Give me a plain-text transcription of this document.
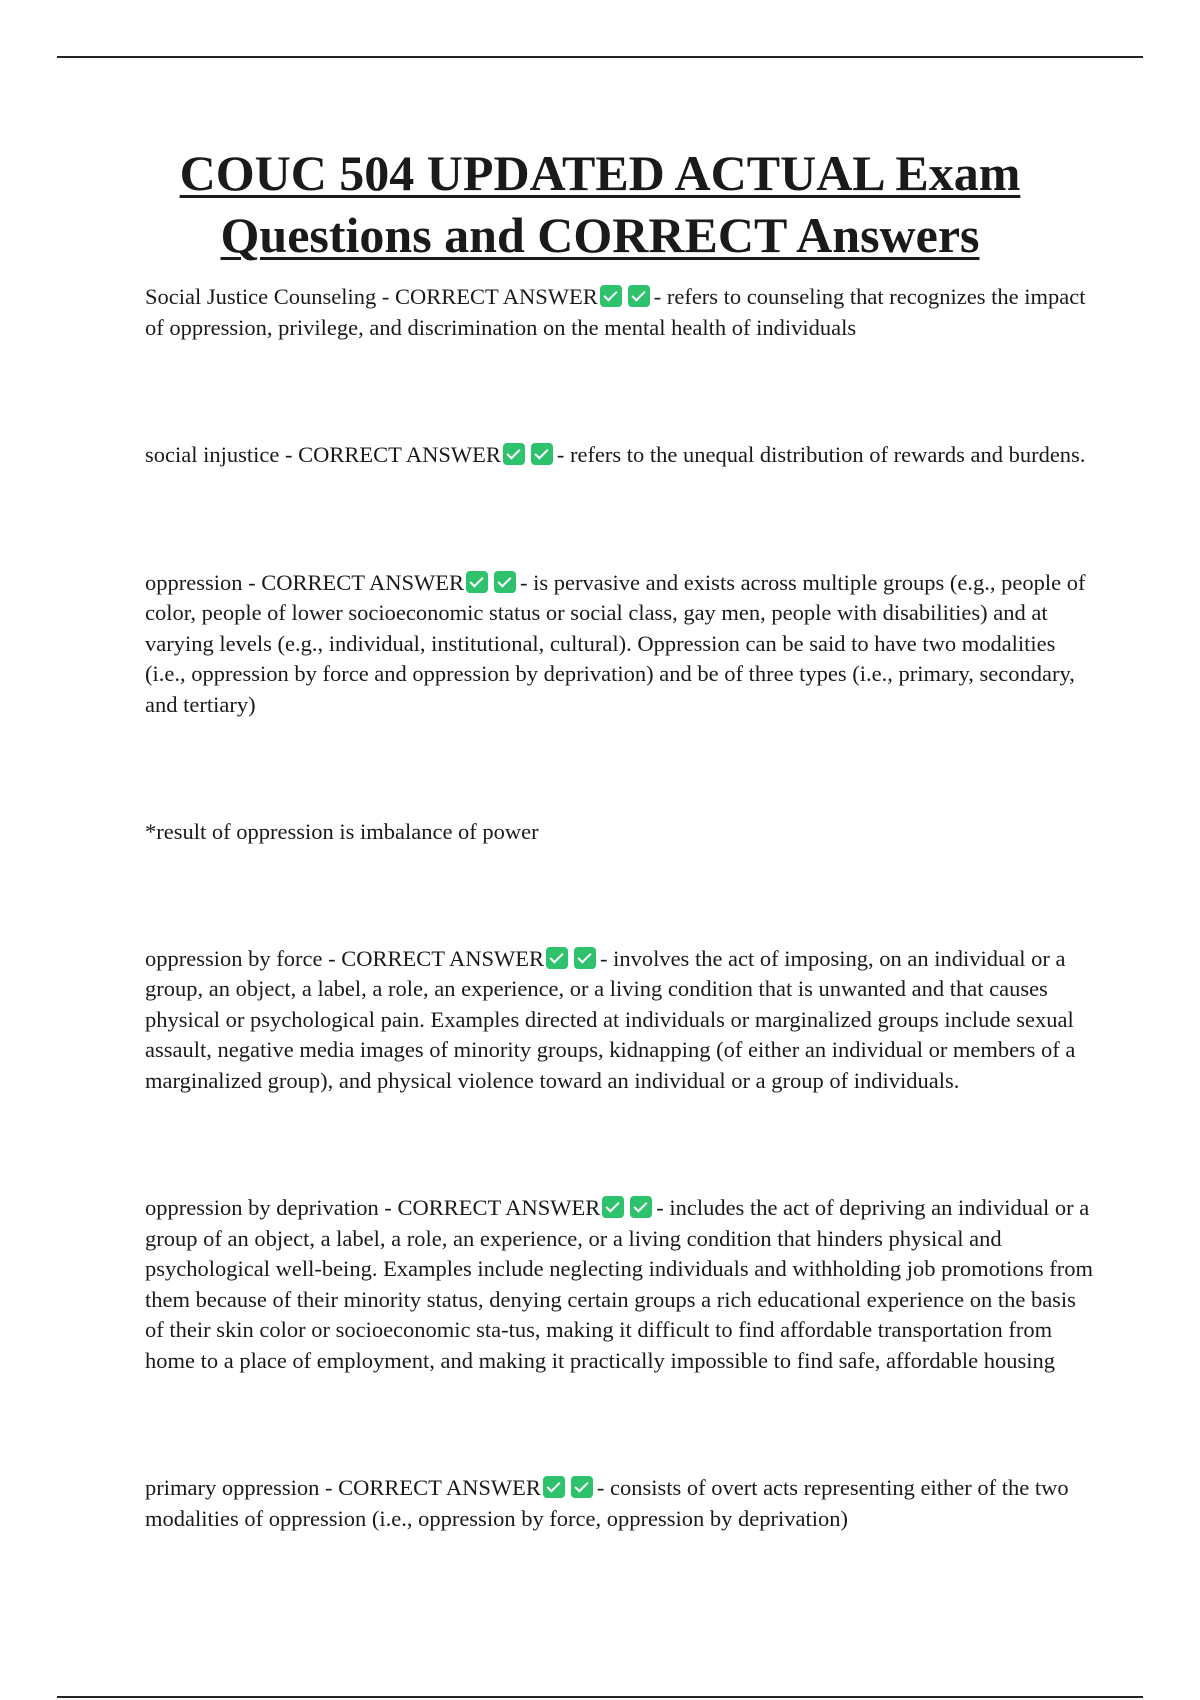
COUC 504 UPDATED ACTUAL Exam
Questions and CORRECT Answers

Social Justice Counseling - CORRECT ANSWER - refers to counseling that recognizes the impact of oppression, privilege, and discrimination on the mental health of individuals

social injustice - CORRECT ANSWER - refers to the unequal distribution of rewards and burdens.

oppression - CORRECT ANSWER - is pervasive and exists across multiple groups (e.g., people of color, people of lower socioeconomic status or social class, gay men, people with disabilities) and at varying levels (e.g., individual, institutional, cultural). Oppression can be said to have two modalities (i.e., oppression by force and oppression by deprivation) and be of three types (i.e., primary, secondary, and tertiary)

*result of oppression is imbalance of power

oppression by force - CORRECT ANSWER - involves the act of imposing, on an individual or a group, an object, a label, a role, an experience, or a living condition that is unwanted and that causes physical or psychological pain. Examples directed at individuals or marginalized groups include sexual assault, negative media images of minority groups, kidnapping (of either an individual or members of a marginalized group), and physical violence toward an individual or a group of individuals.

oppression by deprivation - CORRECT ANSWER - includes the act of depriving an individual or a group of an object, a label, a role, an experience, or a living condition that hinders physical and psychological well-being. Examples include neglecting individuals and withholding job promotions from them because of their minority status, denying certain groups a rich educational experience on the basis of their skin color or socioeconomic sta-tus, making it difficult to find affordable transportation from home to a place of employment, and making it practically impossible to find safe, affordable housing

primary oppression - CORRECT ANSWER - consists of overt acts representing either of the two modalities of oppression (i.e., oppression by force, oppression by deprivation)
